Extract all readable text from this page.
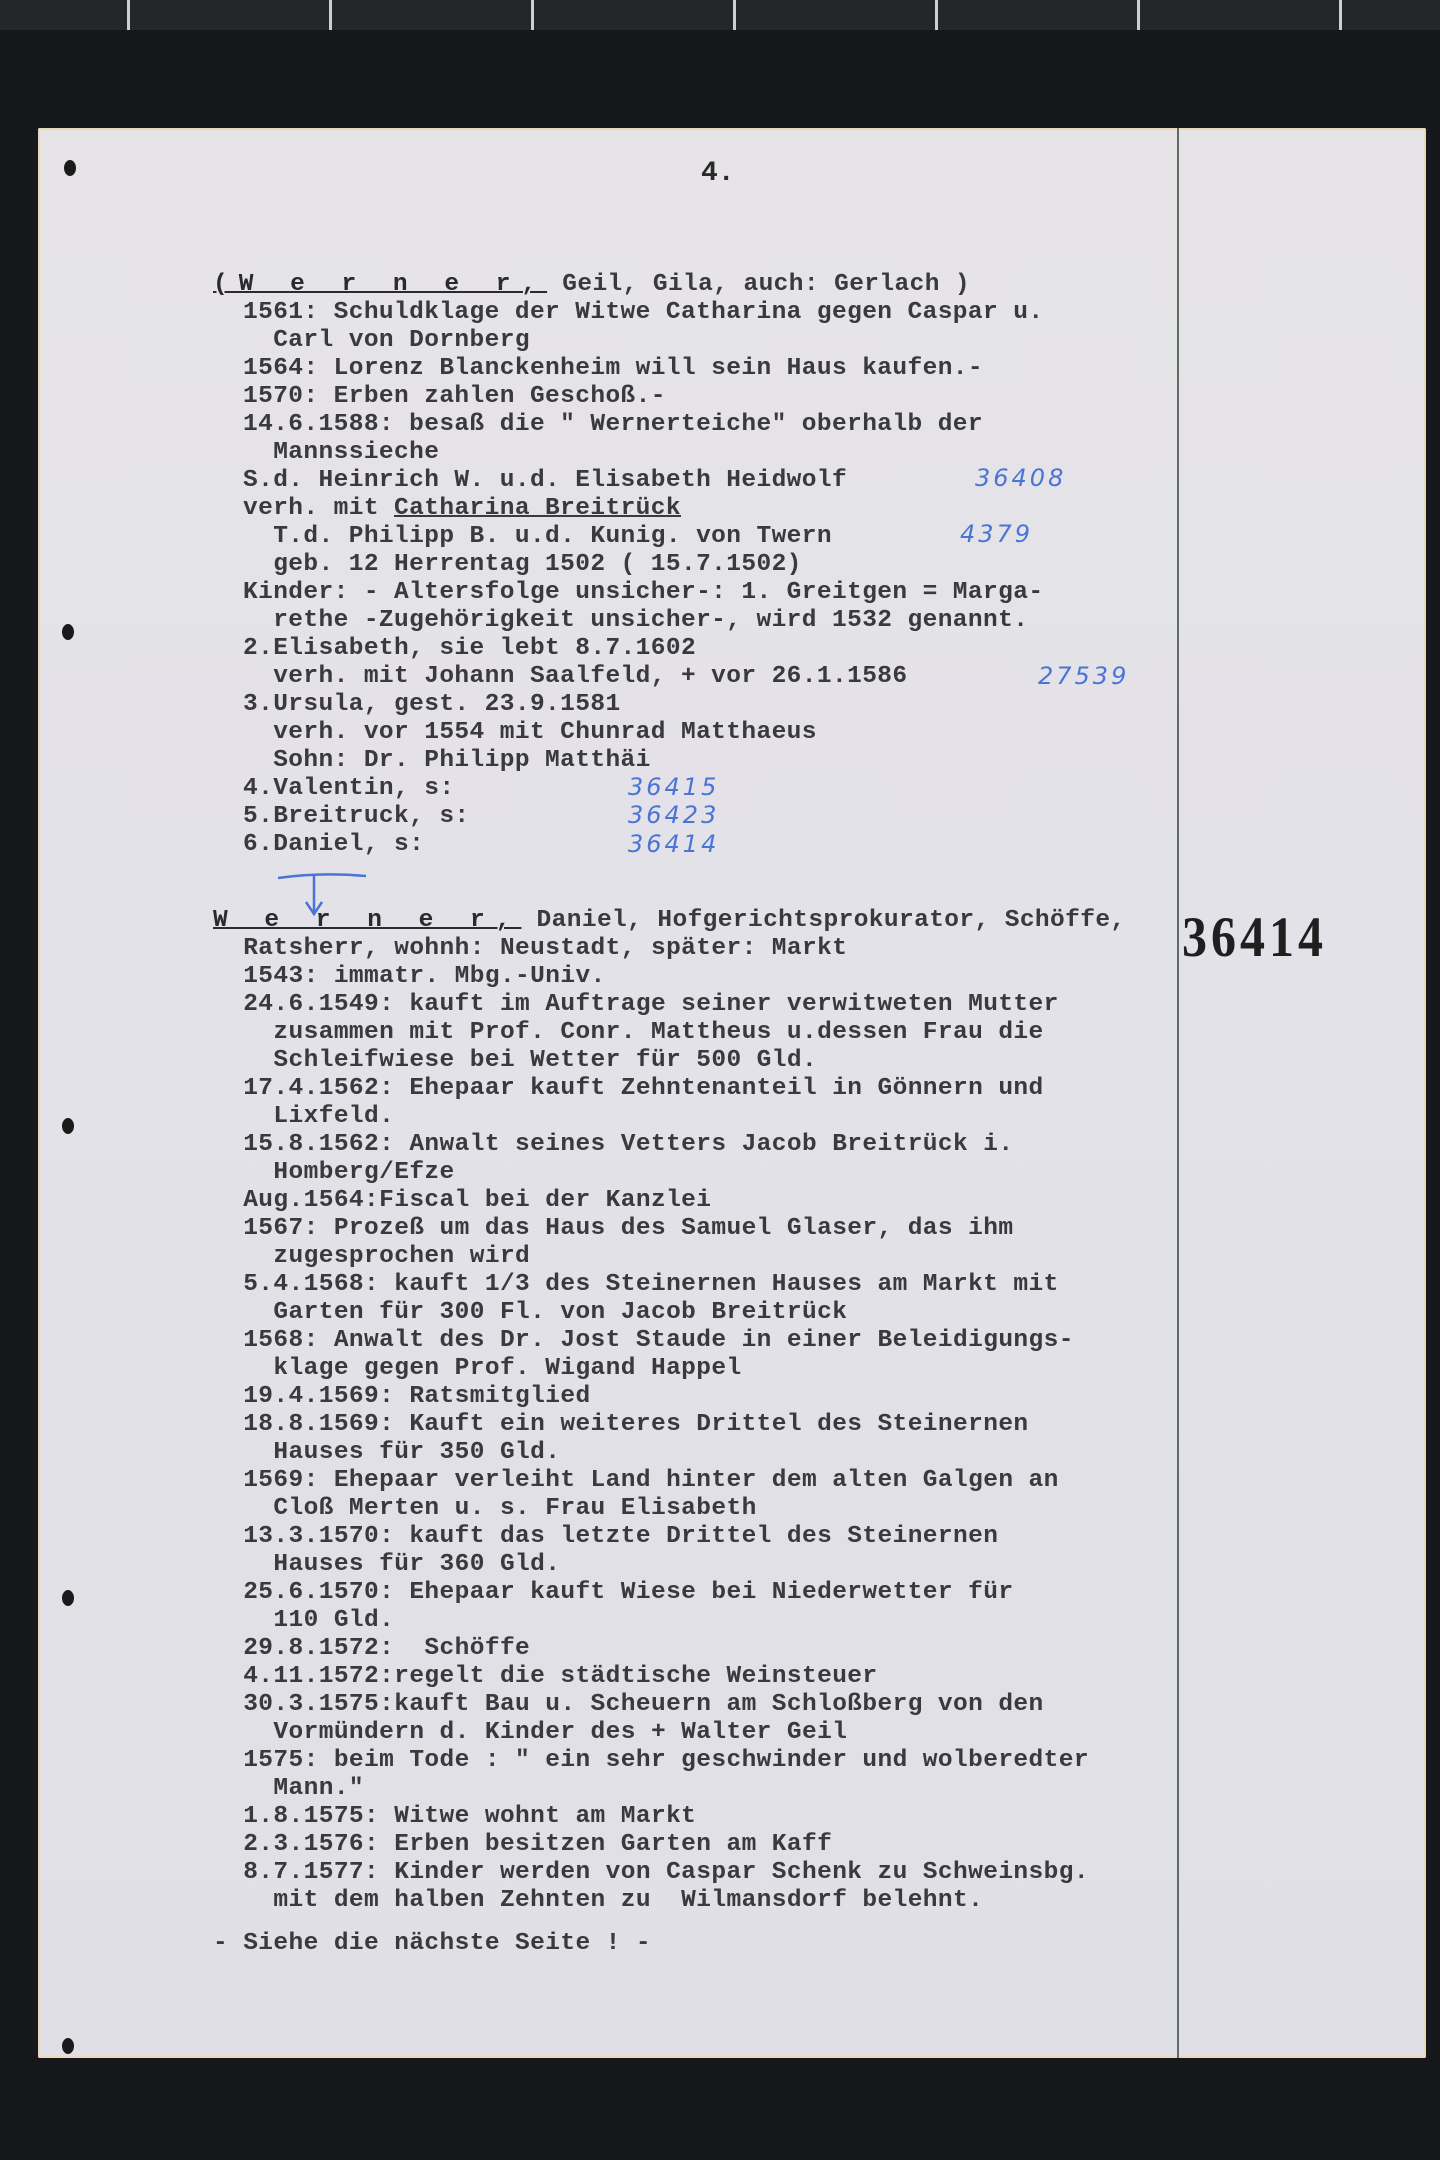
4.
(W e r n e r, Geil, Gila, auch: Gerlach )
1561: Schuldklage der Witwe Catharina gegen Caspar u.
Carl von Dornberg
1564: Lorenz Blanckenheim will sein Haus kaufen.-
1570: Erben zahlen Geschoß.-
14.6.1588: besaß die " Wernerteiche" oberhalb der
Mannssieche
S.d. Heinrich W. u.d. Elisabeth Heidwolf	36408
verh. mit Catharina Breitrück
T.d. Philipp B. u.d. Kunig. von Twern	4379
geb. 12 Herrentag 1502 ( 15.7.1502)
Kinder: - Altersfolge unsicher-: 1. Greitgen = Marga-
rethe -Zugehörigkeit unsicher-, wird 1532 genannt.
2.Elisabeth, sie lebt 8.7.1602
verh. mit Johann Saalfeld, + vor 26.1.1586	27539
3.Ursula, gest. 23.9.1581
verh. vor 1554 mit Chunrad Matthaeus
Sohn: Dr. Philipp Matthäi
4.Valentin, s:	36415
5.Breitruck, s:	36423
6.Daniel, s:	36414
W e r n e r, Daniel, Hofgerichtsprokurator, Schöffe, 36414
Ratsherr, wohnh: Neustadt, später: Markt
1543: immatr. Mbg.-Univ.
24.6.1549: kauft im Auftrage seiner verwitweten Mutter
zusammen mit Prof. Conr. Mattheus u.dessen Frau die
Schleifwiese bei Wetter für 500 Gld.
17.4.1562: Ehepaar kauft Zehntenanteil in Gönnern und
Lixfeld.
15.8.1562: Anwalt seines Vetters Jacob Breitrück i.
Homberg/Efze
Aug.1564:Fiscal bei der Kanzlei
1567: Prozeß um das Haus des Samuel Glaser, das ihm
zugesprochen wird
5.4.1568: kauft 1/3 des Steinernen Hauses am Markt mit
Garten für 300 Fl. von Jacob Breitrück
1568: Anwalt des Dr. Jost Staude in einer Beleidigungs-
klage gegen Prof. Wigand Happel
19.4.1569: Ratsmitglied
18.8.1569: Kauft ein weiteres Drittel des Steinernen
Hauses für 350 Gld.
1569: Ehepaar verleiht Land hinter dem alten Galgen an
Cloß Merten u. s. Frau Elisabeth
13.3.1570: kauft das letzte Drittel des Steinernen
Hauses für 360 Gld.
25.6.1570: Ehepaar kauft Wiese bei Niederwetter für
110 Gld.
29.8.1572:  Schöffe
4.11.1572:regelt die städtische Weinsteuer
30.3.1575:kauft Bau u. Scheuern am Schloßberg von den
Vormündern d. Kinder des + Walter Geil
1575: beim Tode : " ein sehr geschwinder und wolberedter
Mann."
1.8.1575: Witwe wohnt am Markt
2.3.1576: Erben besitzen Garten am Kaff
8.7.1577: Kinder werden von Caspar Schenk zu Schweinsbg.
mit dem halben Zehnten zu  Wilmansdorf belehnt.
- Siehe die nächste Seite ! -
